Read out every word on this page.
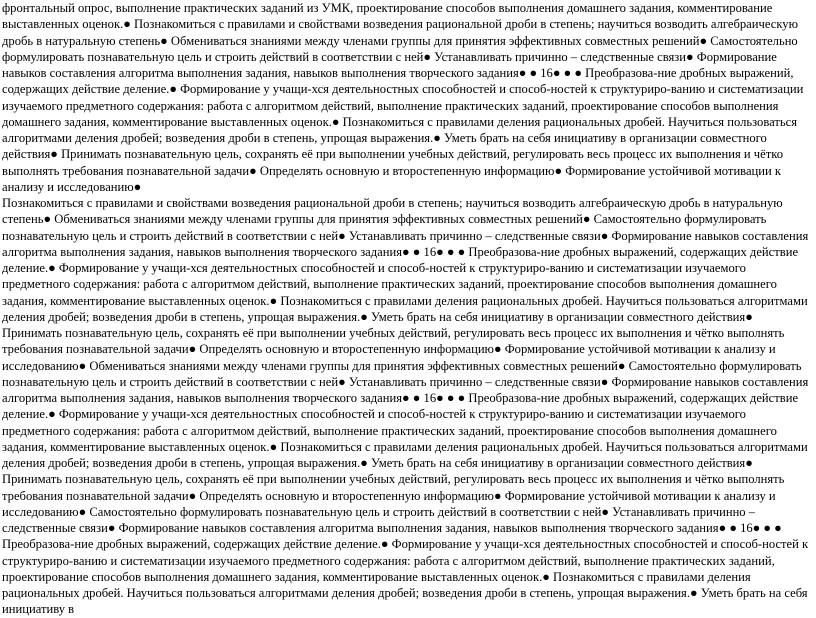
фронтальный опрос, выполнение практических заданий из УМК, проектирование способов выполнения домашнего задания, комментирование выставленных оценок.● Познакомиться с правилами и свойствами возведения рациональной дроби в степень; научиться возводить алгебраическую дробь в натуральную степень● Обмениваться знаниями между членами группы для принятия эффективных совместных решений● Самостоятельно формулировать познавательную цель и строить действий в соответствии с ней● Устанавливать причинно – следственные связи● Формирование навыков составления алгоритма выполнения задания, навыков выполнения творческого задания● ● 16● ● ● Преобразова-ние дробных выражений, содержащих действие деление.● Формирование у учащи-хся деятельностных способностей и способ-ностей к структуриро-ванию и систематизации изучаемого предметного содержания: работа с алгоритмом действий, выполнение практических заданий, проектирование способов выполнения домашнего задания, комментирование выставленных оценок.● Познакомиться с правилами деления рациональных дробей. Научиться пользоваться алгоритмами деления дробей; возведения дроби в степень, упрощая выражения.● Уметь брать на себя инициативу в организации совместного действия● Принимать познавательную цель, сохранять её при выполнении учебных действий, регулировать весь процесс их выполнения и чётко выполнять требования познавательной задачи● Определять основную и второстепенную информацию● Формирование устойчивой мотивации к анализу и исследованию●

Познакомиться с правилами и свойствами возведения рациональной дроби в степень; научиться возводить алгебраическую дробь в натуральную степень● Обмениваться знаниями между членами группы для принятия эффективных совместных решений● Самостоятельно формулировать познавательную цель и строить действий в соответствии с ней● Устанавливать причинно – следственные связи● Формирование навыков составления алгоритма выполнения задания, навыков выполнения творческого задания● ● 16● ● ● Преобразова-ние дробных выражений, содержащих действие деление.● Формирование у учащи-хся деятельностных способностей и способ-ностей к структуриро-ванию и систематизации изучаемого предметного содержания: работа с алгоритмом действий, выполнение практических заданий, проектирование способов выполнения домашнего задания, комментирование выставленных оценок.● Познакомиться с правилами деления рациональных дробей. Научиться пользоваться алгоритмами деления дробей; возведения дроби в степень, упрощая выражения.● Уметь брать на себя инициативу в организации совместного действия● Принимать познавательную цель, сохранять её при выполнении учебных действий, регулировать весь процесс их выполнения и чётко выполнять требования познавательной задачи● Определять основную и второстепенную информацию● Формирование устойчивой мотивации к анализу и исследованию● Обмениваться знаниями между членами группы для принятия эффективных совместных решений● Самостоятельно формулировать познавательную цель и строить действий в соответствии с ней● Устанавливать причинно – следственные связи● Формирование навыков составления алгоритма выполнения задания, навыков выполнения творческого задания● ● 16● ● ● Преобразова-ние дробных выражений, содержащих действие деление.● Формирование у учащи-хся деятельностных способностей и способ-ностей к структуриро-ванию и систематизации изучаемого предметного содержания: работа с алгоритмом действий, выполнение практических заданий, проектирование способов выполнения домашнего задания, комментирование выставленных оценок.● Познакомиться с правилами деления рациональных дробей. Научиться пользоваться алгоритмами деления дробей; возведения дроби в степень, упрощая выражения.● Уметь брать на себя инициативу в организации совместного действия● Принимать познавательную цель, сохранять её при выполнении учебных действий, регулировать весь процесс их выполнения и чётко выполнять требования познавательной задачи● Определять основную и второстепенную информацию● Формирование устойчивой мотивации к анализу и исследованию● Самостоятельно формулировать познавательную цель и строить действий в соответствии с ней● Устанавливать причинно – следственные связи● Формирование навыков составления алгоритма выполнения задания, навыков выполнения творческого задания● ● 16● ● ● Преобразова-ние дробных выражений, содержащих действие деление.● Формирование у учащи-хся деятельностных способностей и способ-ностей к структуриро-ванию и систематизации изучаемого предметного содержания: работа с алгоритмом действий, выполнение практических заданий, проектирование способов выполнения домашнего задания, комментирование выставленных оценок.● Познакомиться с правилами деления рациональных дробей. Научиться пользоваться алгоритмами деления дробей; возведения дроби в степень, упрощая выражения.● Уметь брать на себя инициативу в
